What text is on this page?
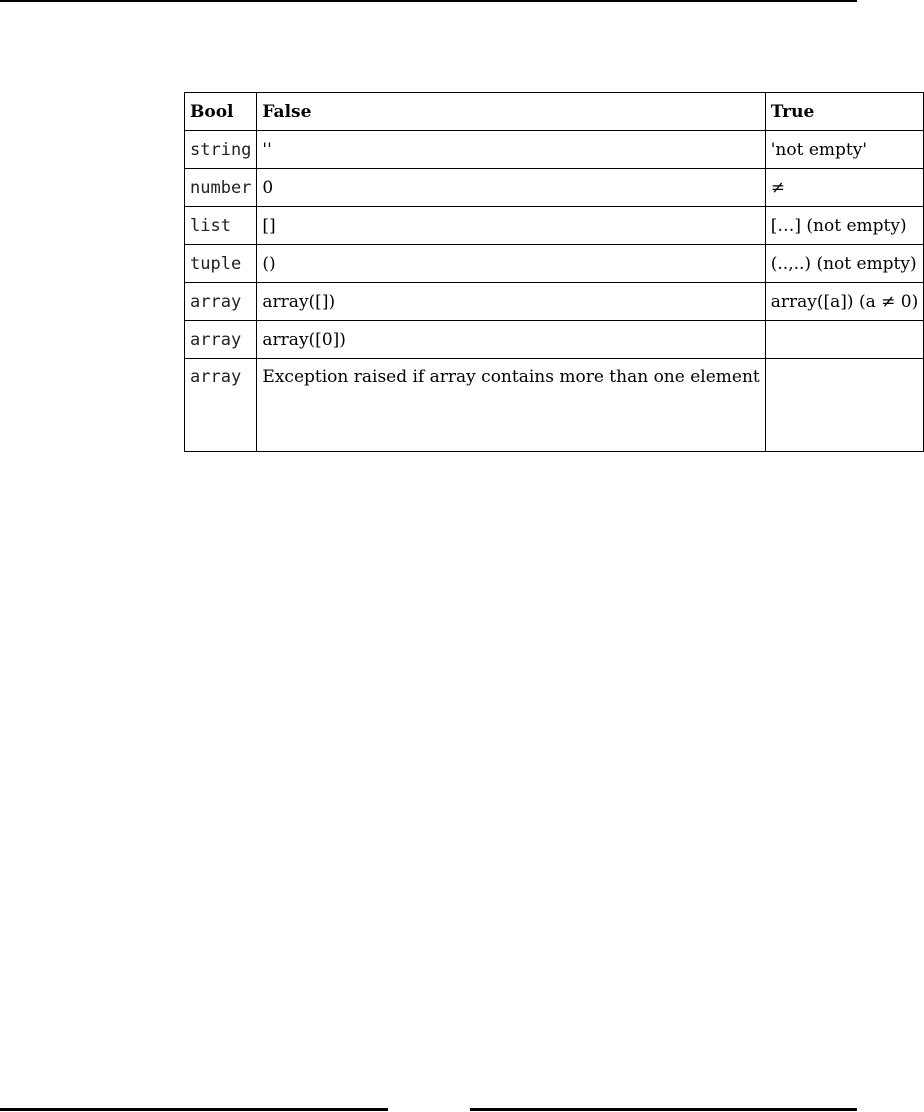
Bool	False	True
string	''	'not empty'
number	0	≠
list	[]	[…] (not empty)
tuple	()	(..,..) (not empty)
array	array([])	array([a]) (a ≠ 0)
array	array([0])	
array	Exception raised if array contains more than one element	
